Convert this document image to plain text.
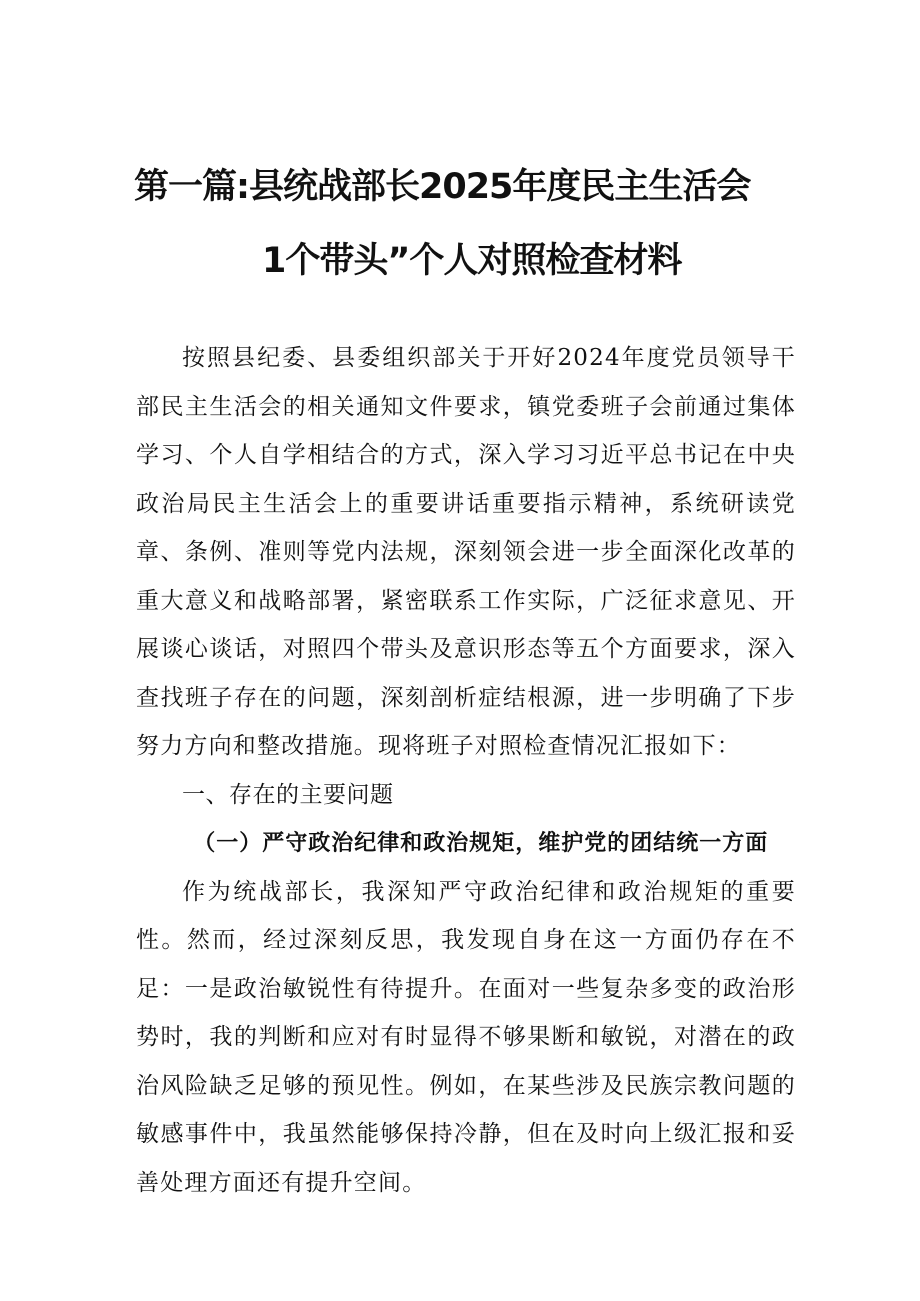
第一篇:县统战部长2025年度民主生活会
1个带头”个人对照检查材料

按照县纪委、县委组织部关于开好2024年度党员领导干部民主生活会的相关通知文件要求，镇党委班子会前通过集体学习、个人自学相结合的方式，深入学习习近平总书记在中央政治局民主生活会上的重要讲话重要指示精神，系统研读党章、条例、准则等党内法规，深刻领会进一步全面深化改革的重大意义和战略部署，紧密联系工作实际，广泛征求意见、开展谈心谈话，对照四个带头及意识形态等五个方面要求，深入查找班子存在的问题，深刻剖析症结根源，进一步明确了下步努力方向和整改措施。现将班子对照检查情况汇报如下：

一、存在的主要问题

（一）严守政治纪律和政治规矩，维护党的团结统一方面

作为统战部长，我深知严守政治纪律和政治规矩的重要性。然而，经过深刻反思，我发现自身在这一方面仍存在不足：一是政治敏锐性有待提升。在面对一些复杂多变的政治形势时，我的判断和应对有时显得不够果断和敏锐，对潜在的政治风险缺乏足够的预见性。例如，在某些涉及民族宗教问题的敏感事件中，我虽然能够保持冷静，但在及时向上级汇报和妥善处理方面还有提升空间。
